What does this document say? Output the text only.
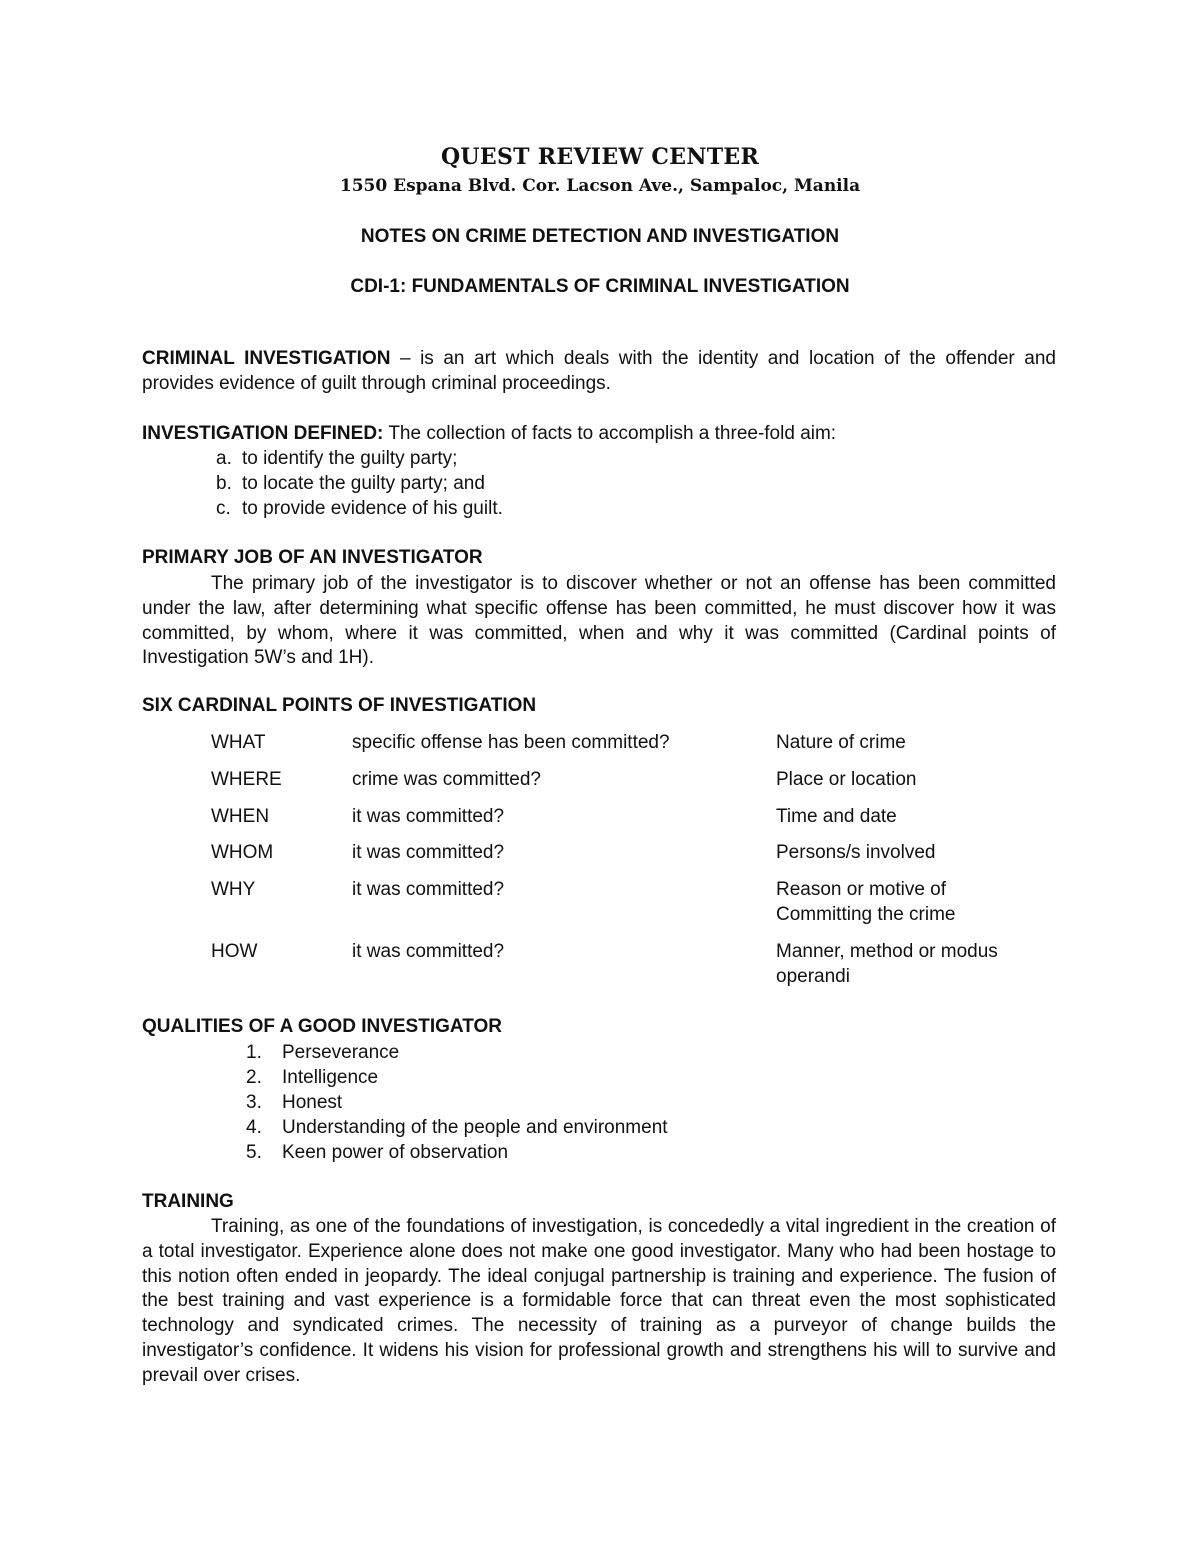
QUEST REVIEW CENTER
1550 Espana Blvd. Cor. Lacson Ave., Sampaloc, Manila
NOTES ON CRIME DETECTION AND INVESTIGATION
CDI-1: FUNDAMENTALS OF CRIMINAL INVESTIGATION
CRIMINAL INVESTIGATION – is an art which deals with the identity and location of the offender and provides evidence of guilt through criminal proceedings.
INVESTIGATION DEFINED: The collection of facts to accomplish a three-fold aim:
a. to identify the guilty party;
b. to locate the guilty party; and
c. to provide evidence of his guilt.
PRIMARY JOB OF AN INVESTIGATOR
The primary job of the investigator is to discover whether or not an offense has been committed under the law, after determining what specific offense has been committed, he must discover how it was committed, by whom, where it was committed, when and why it was committed (Cardinal points of Investigation 5W’s and 1H).
SIX CARDINAL POINTS OF INVESTIGATION
WHAT	specific offense has been committed?	Nature of crime
WHERE	crime was committed?	Place or location
WHEN	it was committed?	Time and date
WHOM	it was committed?	Persons/s involved
WHY	it was committed?	Reason or motive of Committing the crime
HOW	it was committed?	Manner, method or modus operandi
QUALITIES OF A GOOD INVESTIGATOR
1.	Perseverance
2.	Intelligence
3.	Honest
4.	Understanding of the people and environment
5.	Keen power of observation
TRAINING
Training, as one of the foundations of investigation, is concededly a vital ingredient in the creation of a total investigator. Experience alone does not make one good investigator. Many who had been hostage to this notion often ended in jeopardy. The ideal conjugal partnership is training and experience. The fusion of the best training and vast experience is a formidable force that can threat even the most sophisticated technology and syndicated crimes. The necessity of training as a purveyor of change builds the investigator’s confidence. It widens his vision for professional growth and strengthens his will to survive and prevail over crises.
